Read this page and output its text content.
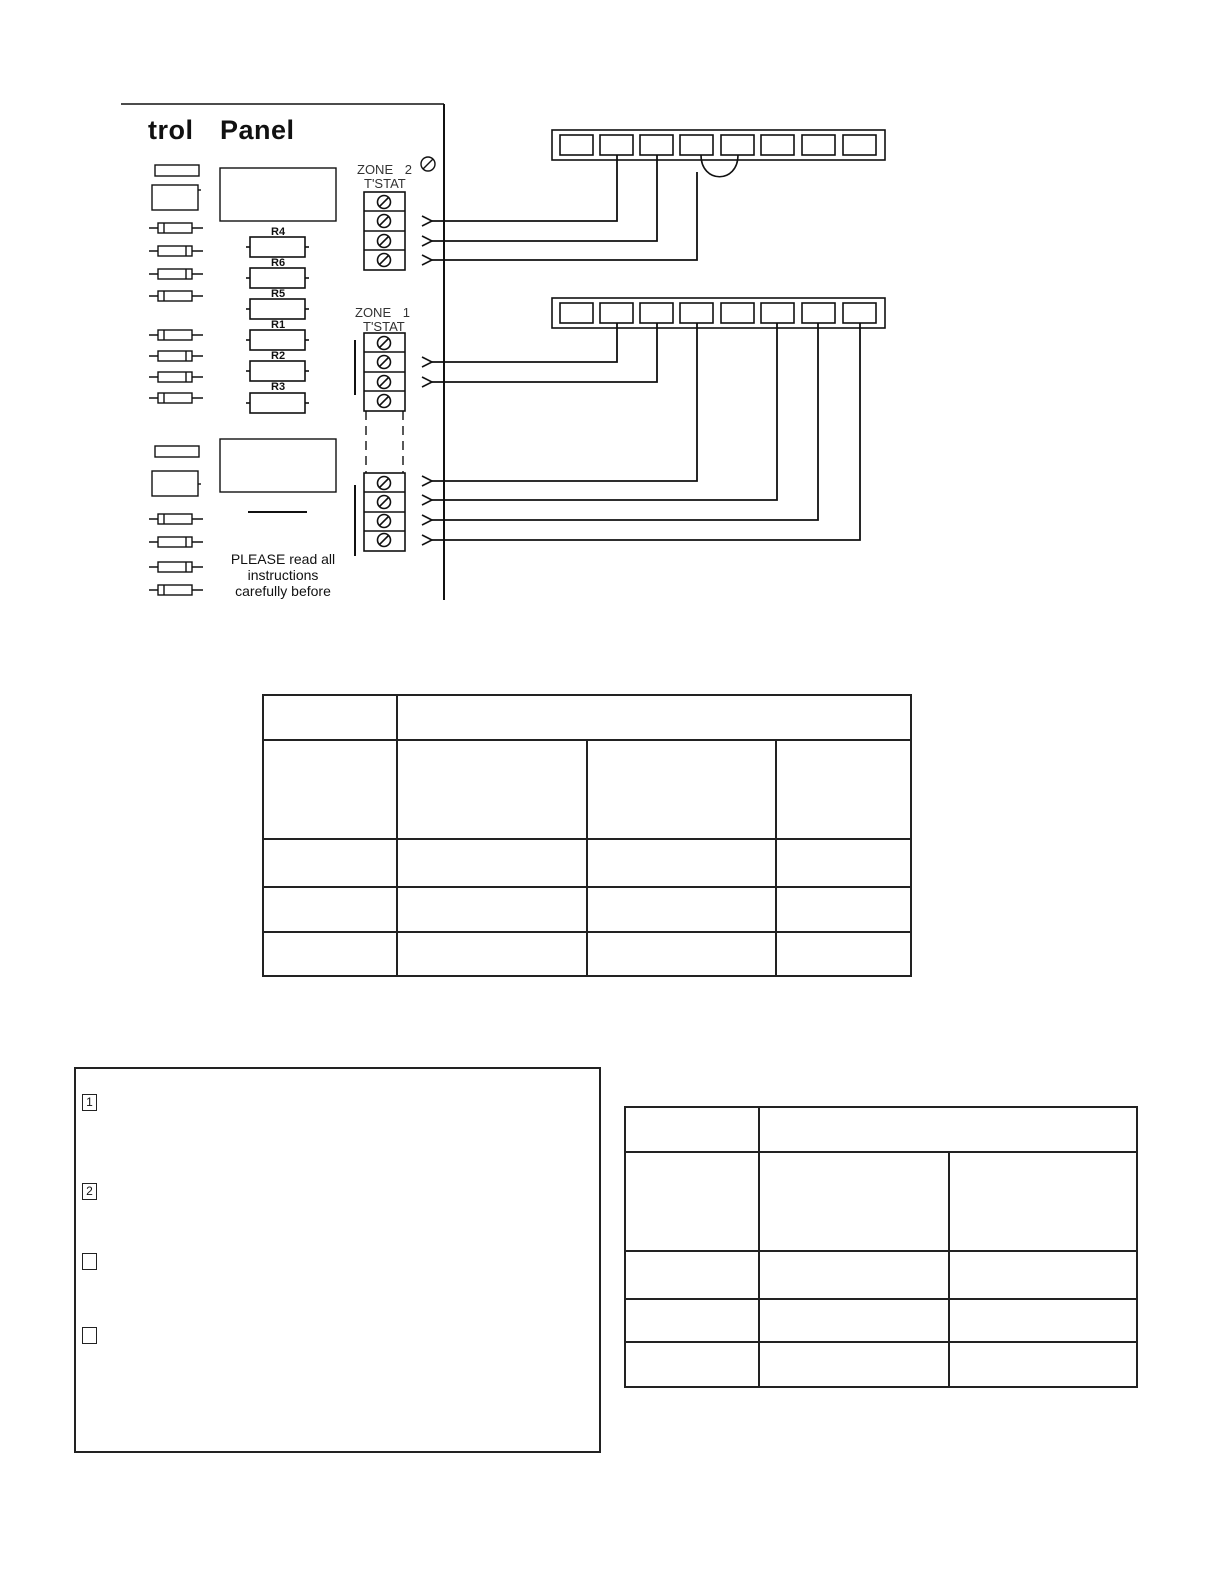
trol Panel
ZONE 2
T'STAT
ZONE 1
T'STAT
R4
R6
R5
R1
R2
R3
PLEASE read all
instructions
carefully before

1
2
